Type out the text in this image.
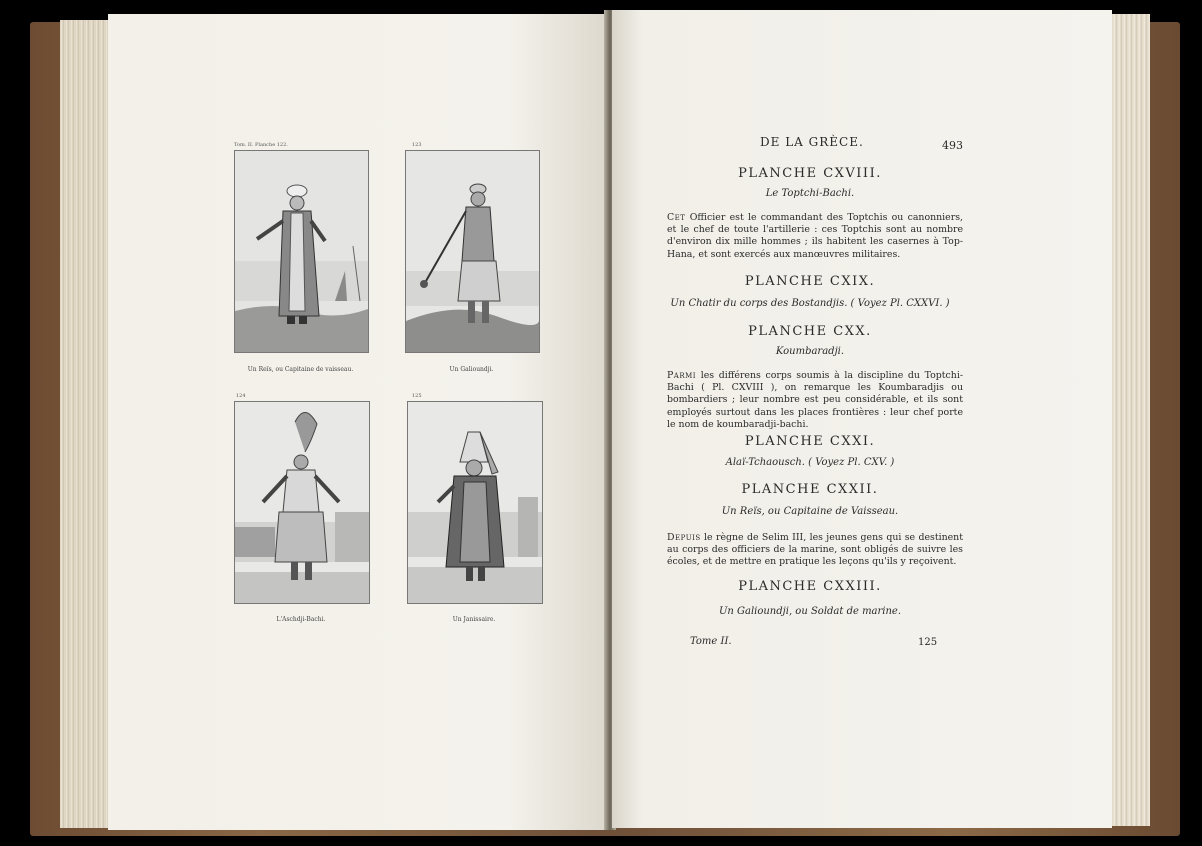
Tom. II. Planche 122.
Un Reïs, ou Capitaine de vaisseau.
123
Un Galioundji.
124
L'Aschdji-Bachi.
125
Un Janissaire.
DE LA GRÈCE.	493
PLANCHE CXVIII.
Le Toptchi-Bachi.
Cet Officier est le commandant des Toptchis ou canonniers, et le chef de toute l'artillerie : ces Toptchis sont au nombre d'environ dix mille hommes ; ils habitent les casernes à Top-Hana, et sont exercés aux manœuvres militaires.
PLANCHE CXIX.
Un Chatir du corps des Bostandjis. ( Voyez Pl. CXXVI. )
PLANCHE CXX.
Koumbaradji.
Parmi les différens corps soumis à la discipline du Toptchi-Bachi ( Pl. CXVIII ), on remarque les Koumbaradjis ou bombardiers ; leur nombre est peu considérable, et ils sont employés surtout dans les places frontières : leur chef porte le nom de koumbaradji-bachi.
PLANCHE CXXI.
Alaï-Tchaousch. ( Voyez Pl. CXV. )
PLANCHE CXXII.
Un Reïs, ou Capitaine de Vaisseau.
Depuis le règne de Selim III, les jeunes gens qui se destinent au corps des officiers de la marine, sont obligés de suivre les écoles, et de mettre en pratique les leçons qu'ils y reçoivent.
PLANCHE CXXIII.
Un Galioundji, ou Soldat de marine.
Tome II.	125
